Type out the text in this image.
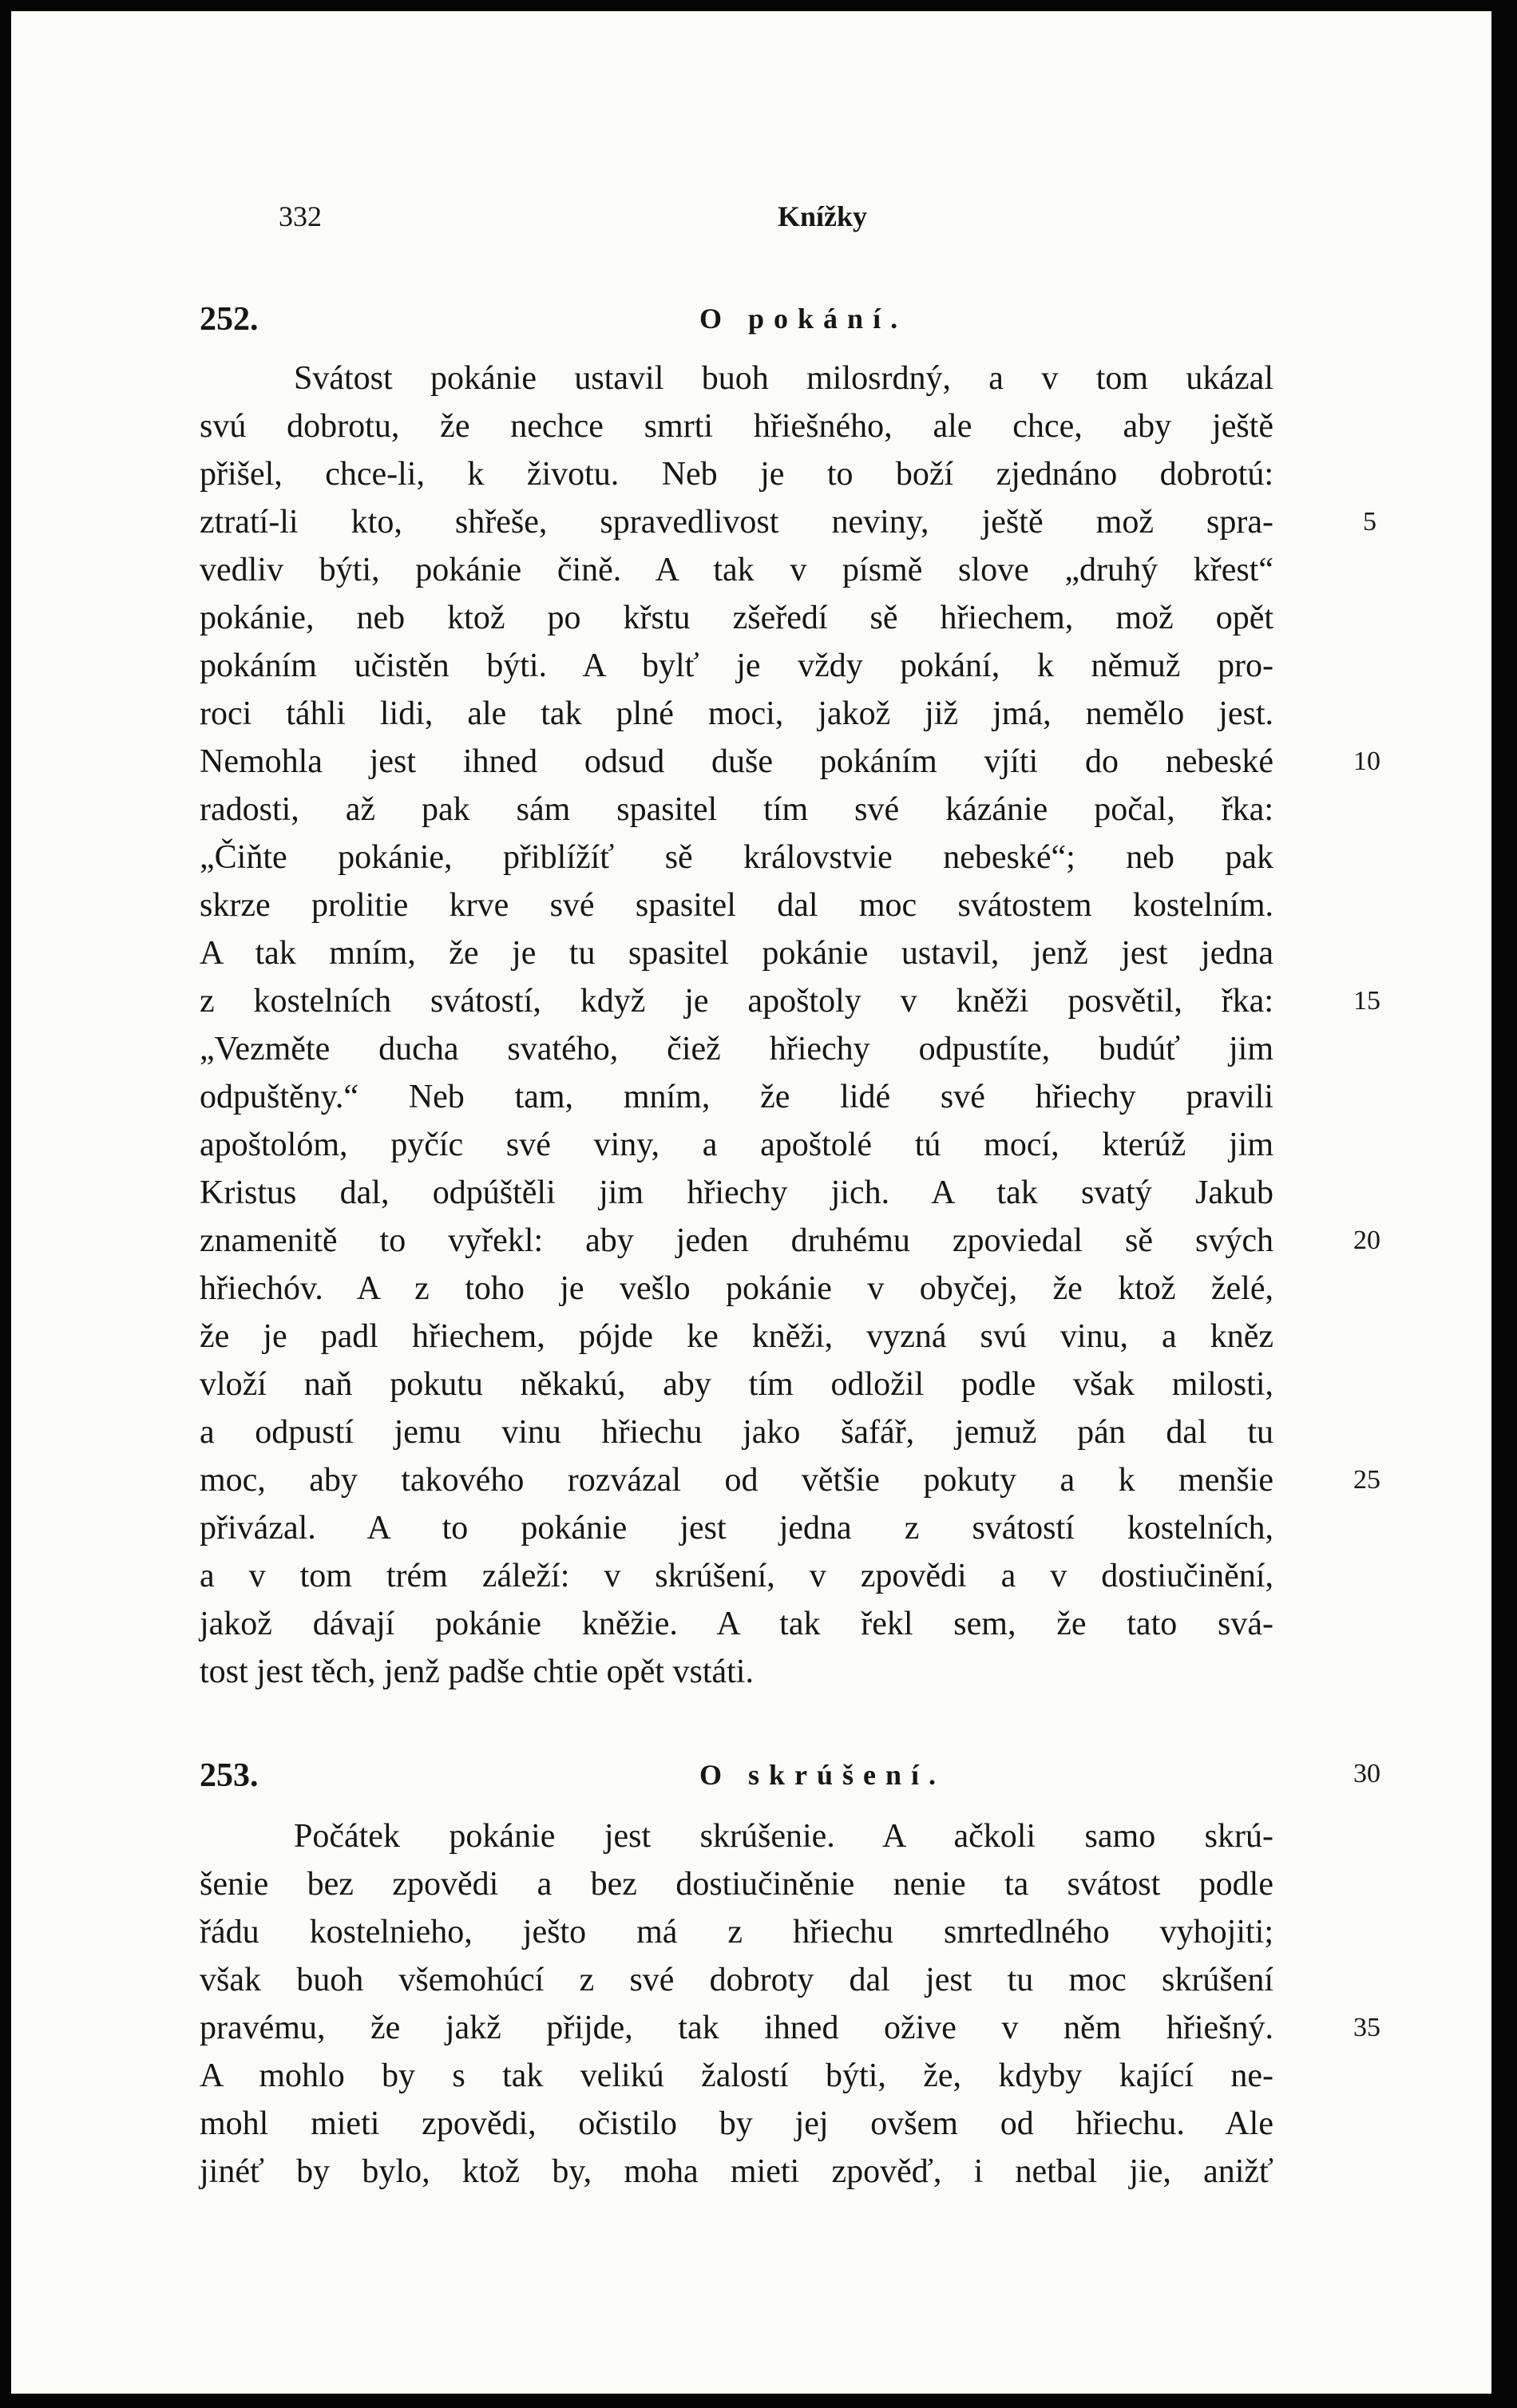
332	Knížky
252.	O pokání.
Svátost pokánie ustavil buoh milosrdný, a v tom ukázal
svú dobrotu, že nechce smrti hřiešného, ale chce, aby ještě
přišel, chce-li, k životu. Neb je to boží zjednáno dobrotú:
ztratí-li kto, shřeše, spravedlivost neviny, ještě mož spra-
vedliv býti, pokánie čině. A tak v písmě slove „druhý křest“
pokánie, neb ktož po křstu zšeředí sě hřiechem, mož opět
pokáním učistěn býti. A bylť je vždy pokání, k němuž pro-
roci táhli lidi, ale tak plné moci, jakož již jmá, nemělo jest.
Nemohla jest ihned odsud duše pokáním vjíti do nebeské
radosti, až pak sám spasitel tím své kázánie počal, řka:
„Čiňte pokánie, přiblížíť sě královstvie nebeské“; neb pak
skrze prolitie krve své spasitel dal moc svátostem kostelním.
A tak mním, že je tu spasitel pokánie ustavil, jenž jest jedna
z kostelních svátostí, když je apoštoly v kněži posvětil, řka:
„Vezměte ducha svatého, čiež hřiechy odpustíte, budúť jim
odpuštěny.“ Neb tam, mním, že lidé své hřiechy pravili
apoštolóm, pyčíc své viny, a apoštolé tú mocí, kterúž jim
Kristus dal, odpúštěli jim hřiechy jich. A tak svatý Jakub
znamenitě to vyřekl: aby jeden druhému zpoviedal sě svých
hřiechóv. A z toho je vešlo pokánie v obyčej, že ktož želé,
že je padl hřiechem, pójde ke kněži, vyzná svú vinu, a kněz
vloží naň pokutu někakú, aby tím odložil podle však milosti,
a odpustí jemu vinu hřiechu jako šafář, jemuž pán dal tu
moc, aby takového rozvázal od většie pokuty a k menšie
přivázal. A to pokánie jest jedna z svátostí kostelních,
a v tom trém záleží: v skrúšení, v zpovědi a v dostiučinění,
jakož dávají pokánie kněžie. A tak řekl sem, že tato svá-
tost jest těch, jenž padše chtie opět vstáti.
5
10
15
20
25
253.	O skrúšení.	30
Počátek pokánie jest skrúšenie. A ačkoli samo skrú-
šenie bez zpovědi a bez dostiučiněnie nenie ta svátost podle
řádu kostelnieho, ješto má z hřiechu smrtedlného vyhojiti;
však buoh všemohúcí z své dobroty dal jest tu moc skrúšení
pravému, že jakž přijde, tak ihned ožive v něm hřiešný.
A mohlo by s tak velikú žalostí býti, že, kdyby kající ne-
mohl mieti zpovědi, očistilo by jej ovšem od hřiechu. Ale
jinéť by bylo, ktož by, moha mieti zpověď, i netbal jie, anižť
35
